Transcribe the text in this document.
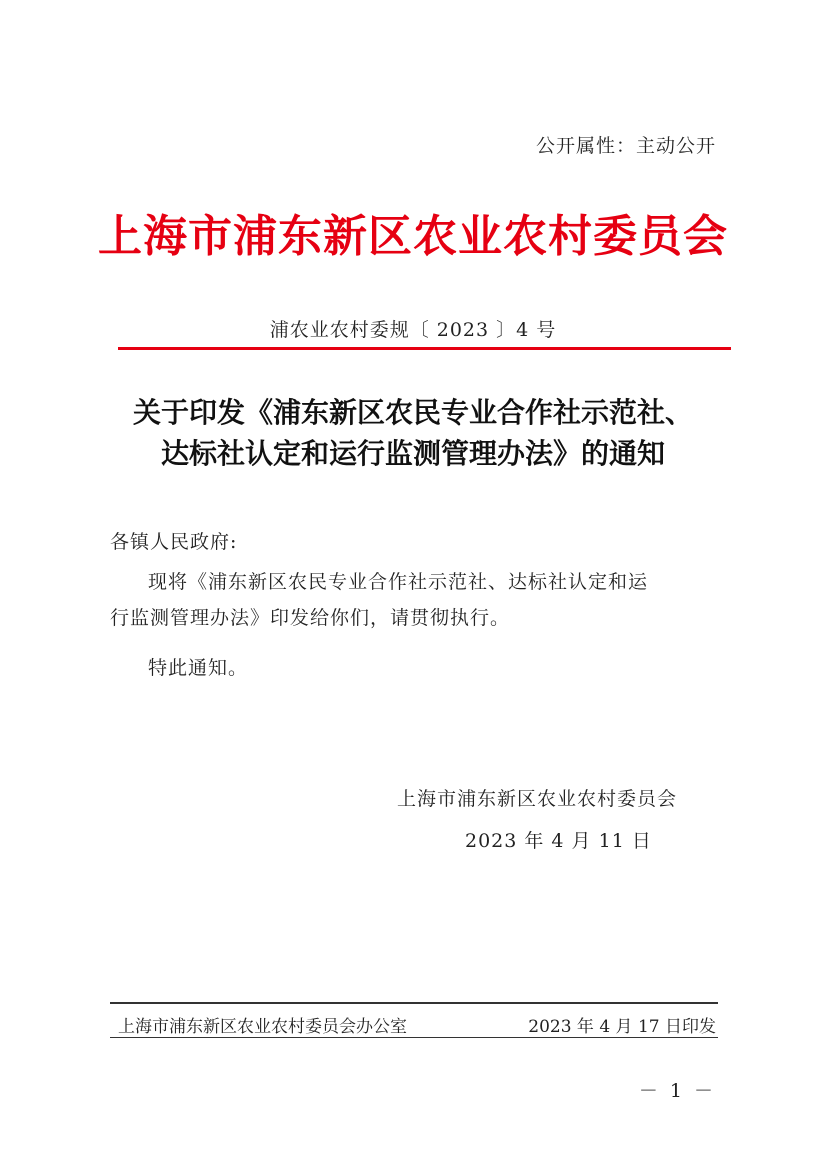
公开属性：主动公开
上海市浦东新区农业农村委员会
浦农业农村委规〔 2023 〕4 号
关于印发《浦东新区农民专业合作社示范社、
达标社认定和运行监测管理办法》的通知
各镇人民政府:
现将《浦东新区农民专业合作社示范社、达标社认定和运
行监测管理办法》印发给你们，请贯彻执行。
特此通知。
上海市浦东新区农业农村委员会
2023 年 4 月 11 日
上海市浦东新区农业农村委员会办公室	2023 年 4 月 17 日印发
－ 1 －
